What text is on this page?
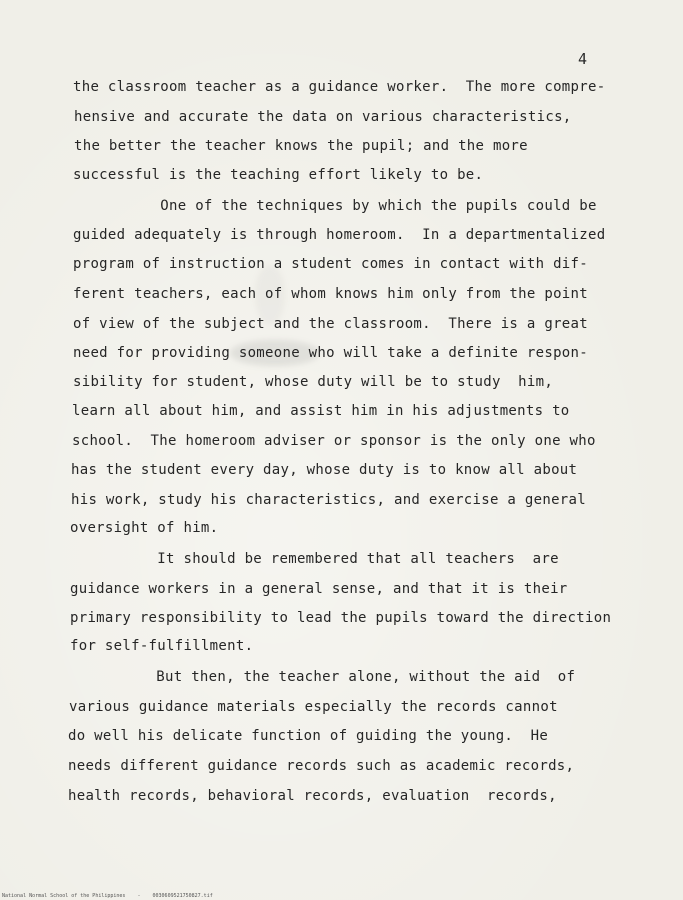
4
the classroom teacher as a guidance worker.  The more compre-
hensive and accurate the data on various characteristics,
the better the teacher knows the pupil; and the more
successful is the teaching effort likely to be.
One of the techniques by which the pupils could be
guided adequately is through homeroom.  In a departmentalized
program of instruction a student comes in contact with dif-
ferent teachers, each of whom knows him only from the point
of view of the subject and the classroom.  There is a great
need for providing someone who will take a definite respon-
sibility for student, whose duty will be to study  him,
learn all about him, and assist him in his adjustments to
school.  The homeroom adviser or sponsor is the only one who
has the student every day, whose duty is to know all about
his work, study his characteristics, and exercise a general
oversight of him.
It should be remembered that all teachers  are
guidance workers in a general sense, and that it is their
primary responsibility to lead the pupils toward the direction
for self-fulfillment.
But then, the teacher alone, without the aid  of
various guidance materials especially the records cannot
do well his delicate function of guiding the young.  He
needs different guidance records such as academic records,
health records, behavioral records, evaluation  records,
National Normal School of the Philippines    -    0030609521750827.tif
